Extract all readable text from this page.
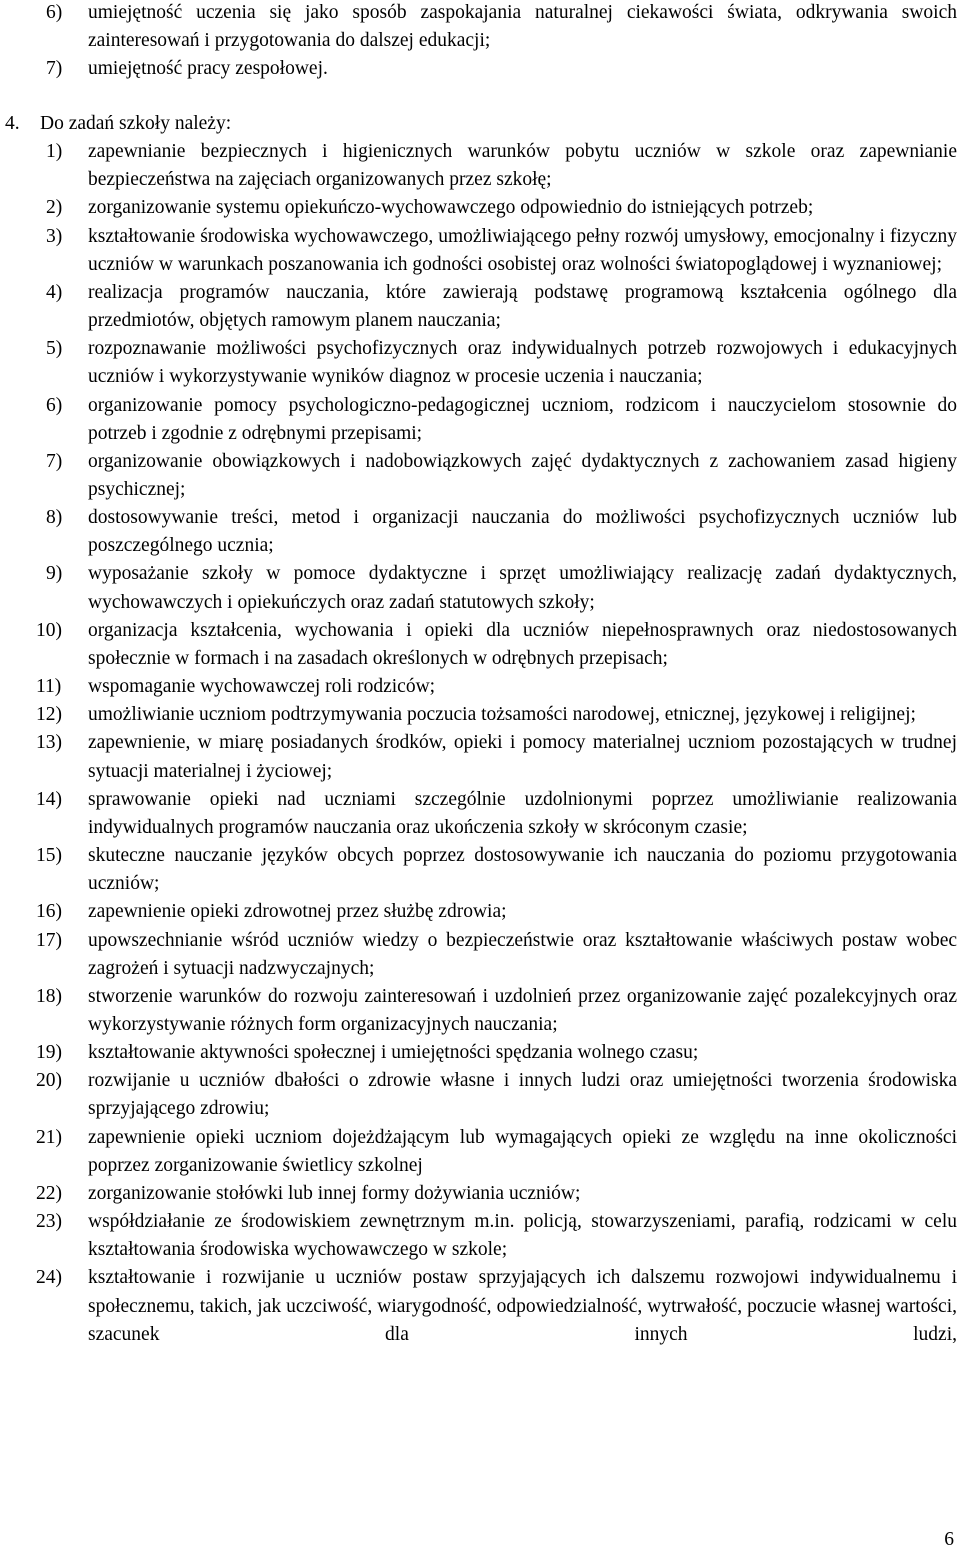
6)	umiejętność uczenia się jako sposób zaspokajania naturalnej ciekawości świata, odkrywania swoich zainteresowań i przygotowania do dalszej edukacji;
7)	umiejętność pracy zespołowej.
4. Do zadań szkoły należy:
1)	zapewnianie bezpiecznych i higienicznych warunków pobytu uczniów w szkole oraz zapewnianie bezpieczeństwa na zajęciach organizowanych przez szkołę;
2)	zorganizowanie systemu opiekuńczo-wychowawczego odpowiednio do istniejących potrzeb;
3)	kształtowanie środowiska wychowawczego, umożliwiającego pełny rozwój umysłowy, emocjonalny i fizyczny uczniów w warunkach poszanowania ich godności osobistej oraz wolności światopoglądowej i wyznaniowej;
4)	realizacja programów nauczania, które zawierają podstawę programową kształcenia ogólnego dla przedmiotów, objętych ramowym planem nauczania;
5)	rozpoznawanie możliwości psychofizycznych oraz indywidualnych potrzeb rozwojowych i edukacyjnych uczniów i wykorzystywanie wyników diagnoz w procesie uczenia i nauczania;
6)	organizowanie pomocy psychologiczno-pedagogicznej uczniom, rodzicom i nauczycielom stosownie do potrzeb i zgodnie z odrębnymi przepisami;
7)	organizowanie obowiązkowych i nadobowiązkowych zajęć dydaktycznych z zachowaniem zasad higieny psychicznej;
8)	dostosowywanie treści, metod i organizacji nauczania do możliwości psychofizycznych uczniów lub poszczególnego ucznia;
9)	wyposażanie szkoły w pomoce dydaktyczne i sprzęt umożliwiający realizację zadań dydaktycznych, wychowawczych i opiekuńczych oraz zadań statutowych szkoły;
10)	organizacja kształcenia, wychowania i opieki dla uczniów niepełnosprawnych oraz niedostosowanych społecznie w formach i na zasadach określonych w odrębnych przepisach;
11)	wspomaganie wychowawczej roli rodziców;
12)	umożliwianie uczniom podtrzymywania poczucia tożsamości narodowej, etnicznej, językowej i religijnej;
13)	zapewnienie, w miarę posiadanych środków, opieki i pomocy materialnej uczniom pozostających w trudnej sytuacji materialnej i życiowej;
14)	sprawowanie opieki nad uczniami szczególnie uzdolnionymi poprzez umożliwianie realizowania indywidualnych programów nauczania oraz ukończenia szkoły w skróconym czasie;
15)	skuteczne nauczanie języków obcych poprzez dostosowywanie ich nauczania do poziomu przygotowania uczniów;
16)	zapewnienie opieki zdrowotnej przez służbę zdrowia;
17)	upowszechnianie wśród uczniów wiedzy o bezpieczeństwie oraz kształtowanie właściwych postaw wobec zagrożeń i sytuacji nadzwyczajnych;
18)	stworzenie warunków do rozwoju zainteresowań i uzdolnień przez organizowanie zajęć pozalekcyjnych oraz wykorzystywanie różnych form organizacyjnych nauczania;
19)	kształtowanie aktywności społecznej i umiejętności spędzania wolnego czasu;
20)	rozwijanie u uczniów dbałości o zdrowie własne i innych ludzi oraz umiejętności tworzenia środowiska sprzyjającego zdrowiu;
21)	zapewnienie opieki uczniom dojeżdżającym lub wymagających opieki ze względu na inne okoliczności poprzez zorganizowanie świetlicy szkolnej
22)	zorganizowanie stołówki lub innej formy dożywiania uczniów;
23)	współdziałanie ze środowiskiem zewnętrznym m.in. policją, stowarzyszeniami, parafią, rodzicami w celu kształtowania środowiska wychowawczego w szkole;
24)	kształtowanie i rozwijanie u uczniów postaw sprzyjających ich dalszemu rozwojowi indywidualnemu i społecznemu, takich, jak uczciwość, wiarygodność, odpowiedzialność, wytrwałość, poczucie własnej wartości, szacunek dla innych ludzi,
6
